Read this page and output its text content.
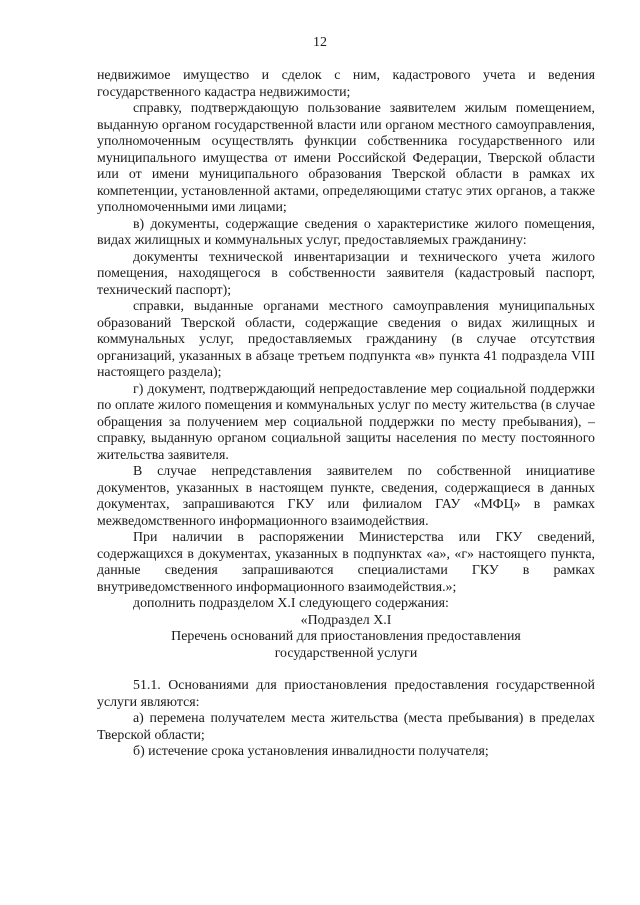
12

недвижимое имущество и сделок с ним, кадастрового учета и ведения государственного кадастра недвижимости;

справку, подтверждающую пользование заявителем жилым помещением, выданную органом государственной власти или органом местного самоуправления, уполномоченным осуществлять функции собственника государственного или муниципального имущества от имени Российской Федерации, Тверской области или от имени муниципального образования Тверской области в рамках их компетенции, установленной актами, определяющими статус этих органов, а также уполномоченными ими лицами;

в) документы, содержащие сведения о характеристике жилого помещения, видах жилищных и коммунальных услуг, предоставляемых гражданину:

документы технической инвентаризации и технического учета жилого помещения, находящегося в собственности заявителя (кадастровый паспорт, технический паспорт);

справки, выданные органами местного самоуправления муниципальных образований Тверской области, содержащие сведения о видах жилищных и коммунальных услуг, предоставляемых гражданину (в случае отсутствия организаций, указанных в абзаце третьем подпункта «в» пункта 41 подраздела VIII настоящего раздела);

г) документ, подтверждающий непредоставление мер социальной поддержки по оплате жилого помещения и коммунальных услуг по месту жительства (в случае обращения за получением мер социальной поддержки по месту пребывания), – справку, выданную органом социальной защиты населения по месту постоянного жительства заявителя.

В случае непредставления заявителем по собственной инициативе документов, указанных в настоящем пункте, сведения, содержащиеся в данных документах, запрашиваются ГКУ или филиалом ГАУ «МФЦ» в рамках межведомственного информационного взаимодействия.

При наличии в распоряжении Министерства или ГКУ сведений, содержащихся в документах, указанных в подпунктах «а», «г» настоящего пункта, данные сведения запрашиваются специалистами ГКУ в рамках внутриведомственного информационного взаимодействия.»;

дополнить подразделом X.I следующего содержания:

«Подраздел X.I

Перечень оснований для приостановления предоставления

государственной услуги

51.1. Основаниями для приостановления предоставления государственной услуги являются:

а) перемена получателем места жительства (места пребывания) в пределах Тверской области;

б) истечение срока установления инвалидности получателя;
